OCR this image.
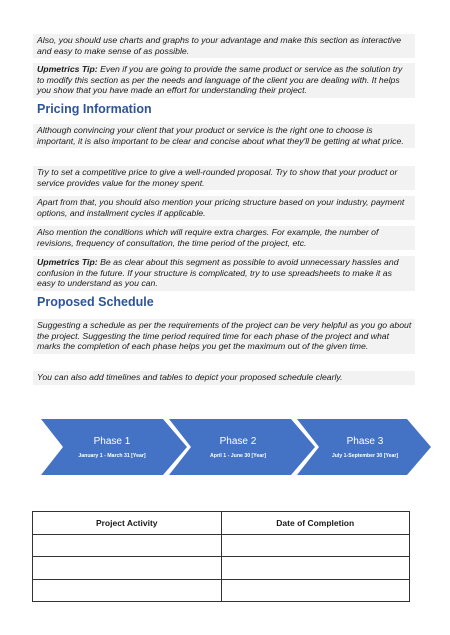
Also, you should use charts and graphs to your advantage and make this section as interactive and easy to make sense of as possible.

Upmetrics Tip: Even if you are going to provide the same product or service as the solution try to modify this section as per the needs and language of the client you are dealing with. It helps you show that you have made an effort for understanding their project.

Pricing Information

Although convincing your client that your product or service is the right one to choose is important, it is also important to be clear and concise about what they'll be getting at what price.

Try to set a competitive price to give a well-rounded proposal. Try to show that your product or service provides value for the money spent.

Apart from that, you should also mention your pricing structure based on your industry, payment options, and installment cycles if applicable.

Also mention the conditions which will require extra charges. For example, the number of revisions, frequency of consultation, the time period of the project, etc.

Upmetrics Tip: Be as clear about this segment as possible to avoid unnecessary hassles and confusion in the future. If your structure is complicated, try to use spreadsheets to make it as easy to understand as you can.

Proposed Schedule

Suggesting a schedule as per the requirements of the project can be very helpful as you go about the project. Suggesting the time period required time for each phase of the project and what marks the completion of each phase helps you get the maximum out of the given time.

You can also add timelines and tables to depict your proposed schedule clearly.

Phase 1
January 1 - March 31 [Year]
Phase 2
April 1 - June 30 [Year]
Phase 3
July 1-September 30 [Year]
Project Activity	Date of Completion
